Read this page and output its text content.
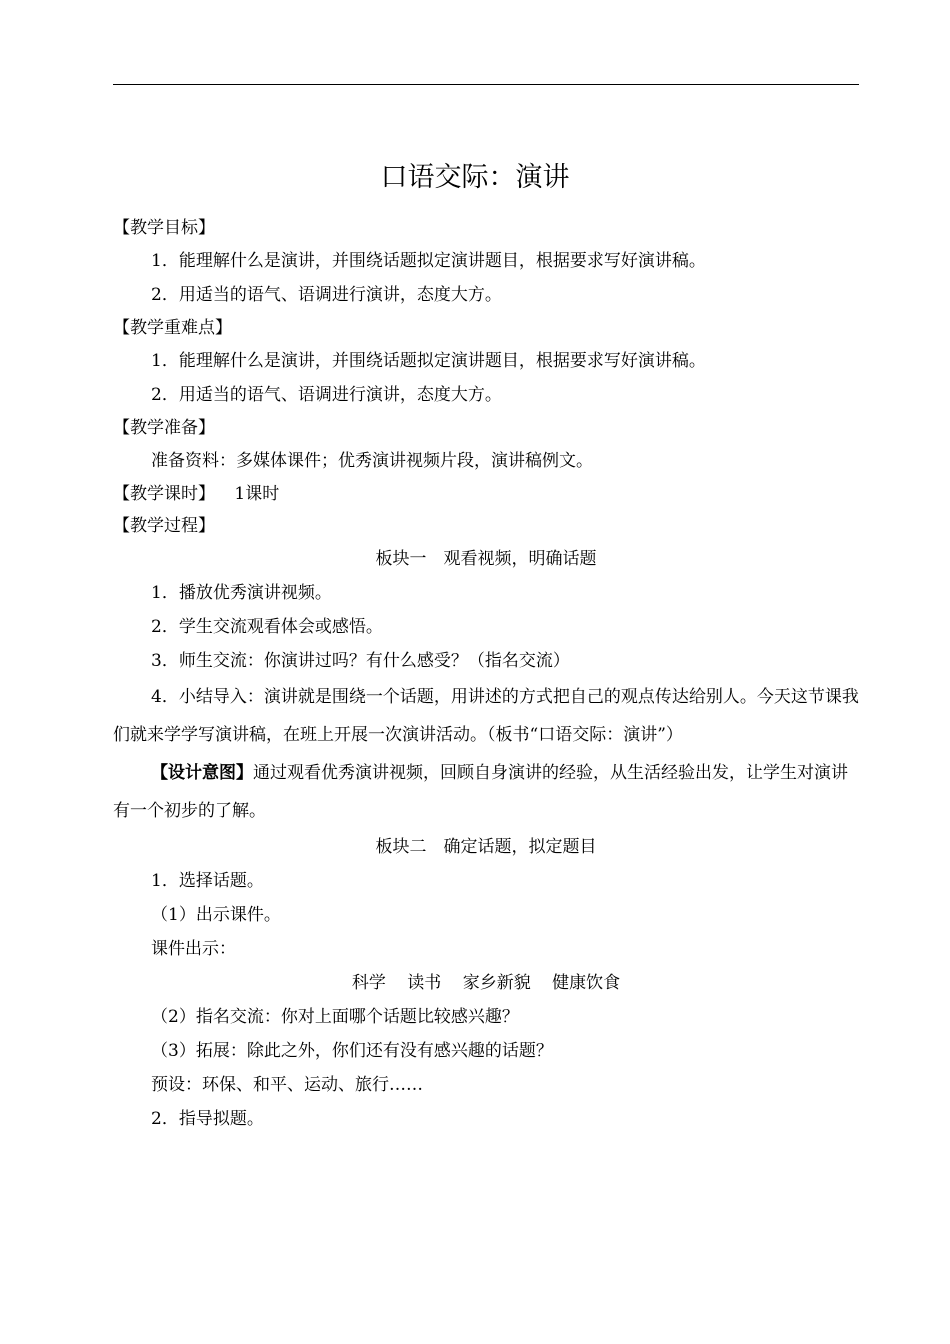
口语交际：演讲
【教学目标】
1．能理解什么是演讲，并围绕话题拟定演讲题目，根据要求写好演讲稿。
2．用适当的语气、语调进行演讲，态度大方。
【教学重难点】
1．能理解什么是演讲，并围绕话题拟定演讲题目，根据要求写好演讲稿。
2．用适当的语气、语调进行演讲，态度大方。
【教学准备】
准备资料：多媒体课件；优秀演讲视频片段，演讲稿例文。
【教学课时】 1课时
【教学过程】
板块一　观看视频，明确话题
1．播放优秀演讲视频。
2．学生交流观看体会或感悟。
3．师生交流：你演讲过吗？有什么感受？（指名交流）
4．小结导入：演讲就是围绕一个话题，用讲述的方式把自己的观点传达给别人。今天这节课我们就来学学写演讲稿，在班上开展一次演讲活动。（板书“口语交际：演讲”）
【设计意图】通过观看优秀演讲视频，回顾自身演讲的经验，从生活经验出发，让学生对演讲有一个初步的了解。
板块二　确定话题，拟定题目
1．选择话题。
（1）出示课件。
课件出示：
科学 读书 家乡新貌 健康饮食
（2）指名交流：你对上面哪个话题比较感兴趣？
（3）拓展：除此之外，你们还有没有感兴趣的话题？
预设：环保、和平、运动、旅行……
2．指导拟题。
